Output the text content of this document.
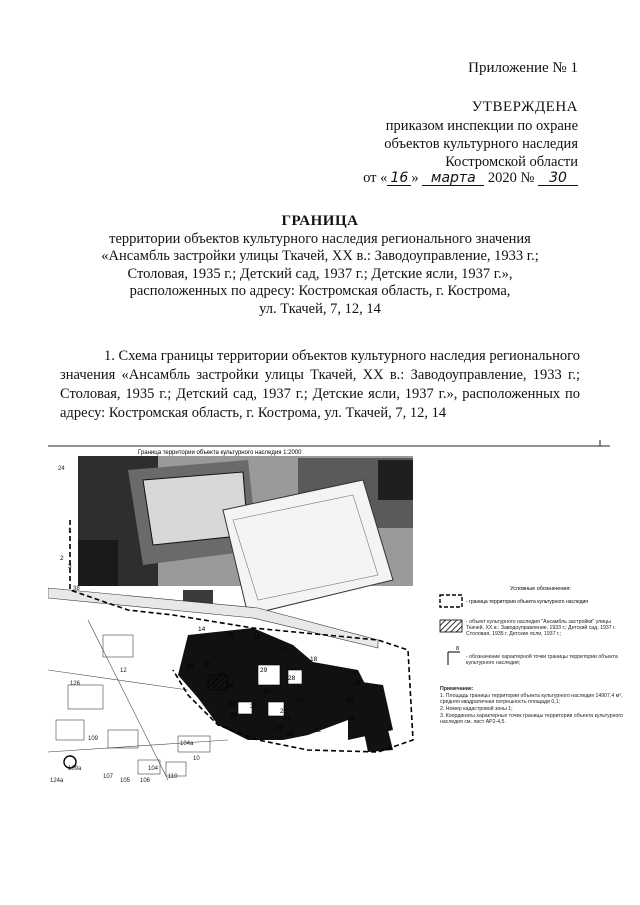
Приложение № 1
УТВЕРЖДЕНА
приказом инспекции по охране
объектов культурного наследия
Костромской области
от « 16 » марта 2020 № 30
ГРАНИЦА
территории объектов культурного наследия регионального значения
«Ансамбль застройки улицы Ткачей, XX в.: Заводоуправление, 1933 г.;
Столовая, 1935 г.; Детский сад, 1937 г.; Детские ясли, 1937 г.»,
расположенных по адресу: Костромская область, г. Кострома,
ул. Ткачей, 7, 12, 14
1. Схема границы территории объектов культурного наследия регионального значения «Ансамбль застройки улицы Ткачей, XX в.: Заводоуправление, 1933 г.; Столовая, 1935 г.; Детский сад, 1937 г.; Детские ясли, 1937 г.», расположенных по адресу: Костромская область, г. Кострома, ул. Ткачей, 7, 12, 14
Граница территории объекта культурного наследия 1:2000
1
2
3
14
15	16
17
18
19
20
21
22
23
24
25
26
27
28
29
30
31
32
33
34
35
36
37
38
24
38
126
12
107
109
109а
104а
104
110
10
105 106
124а
Условные обозначения:
- граница территории объекта культурного наследия
8
- объект культурного наследия "Ансамбль застройки" улицы Ткачей, XX в.: Заводоуправление, 1933 г.; Детский сад, 1937 г. Столовая, 1935 г. Детские ясли, 1937 г.;
- обозначение характерной точки границы территории объекта культурного наследия;
Примечание:
1. Площадь границы территории объекта культурного наследия 14907,4 м², средняя квадратичная погрешность площади 0,1;
2. Номер кадастровой зоны 1;
3. Координаты характерных точек границы территории объекта культурного наследия см. лист АР2-4,5.
